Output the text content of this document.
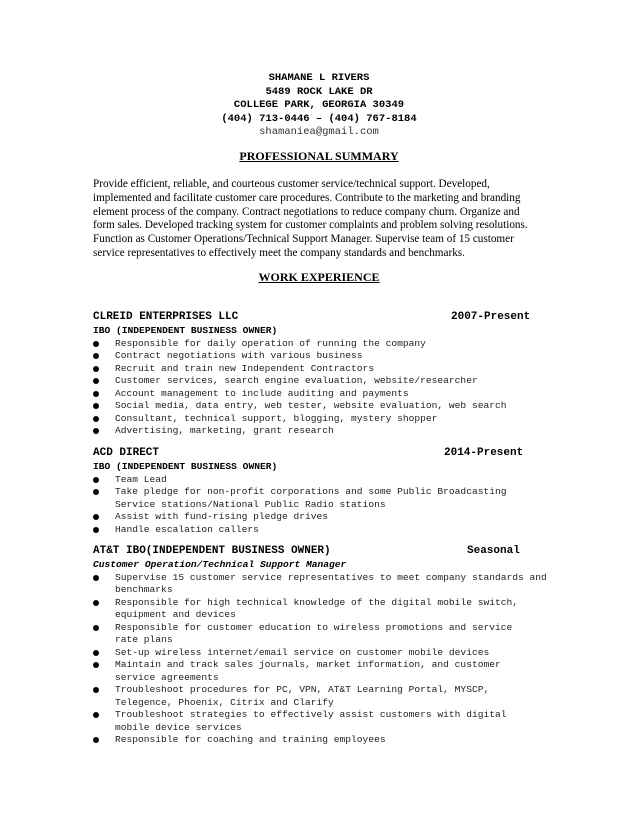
SHAMANE L RIVERS
5489 ROCK LAKE DR
COLLEGE PARK, GEORGIA 30349
(404) 713-0446 – (404) 767-8184
shamaniea@gmail.com
PROFESSIONAL SUMMARY
Provide efficient, reliable, and courteous customer service/technical support. Developed, implemented and facilitate customer care procedures. Contribute to the marketing and branding element process of the company. Contract negotiations to reduce company churn. Organize and form sales. Developed tracking system for customer complaints and problem solving resolutions. Function as Customer Operations/Technical Support Manager. Supervise team of 15 customer service representatives to effectively meet the company standards and benchmarks.
WORK EXPERIENCE
CLREID ENTERPRISES LLC	2007-Present
IBO (INDEPENDENT BUSINESS OWNER)
Responsible for daily operation of running the company
Contract negotiations with various business
Recruit and train new Independent Contractors
Customer services, search engine evaluation, website/researcher
Account management to include auditing and payments
Social media, data entry, web tester, website evaluation, web search
Consultant, technical support, blogging, mystery shopper
Advertising, marketing, grant research
ACD DIRECT	2014-Present
IBO (INDEPENDENT BUSINESS OWNER)
Team Lead
Take pledge for non-profit corporations and some Public Broadcasting
Service stations/National Public Radio stations
Assist with fund-rising pledge drives
Handle escalation callers
AT&T IBO(INDEPENDENT BUSINESS OWNER)	Seasonal
Customer Operation/Technical Support Manager
Supervise 15 customer service representatives to meet company standards and
benchmarks
Responsible for high technical knowledge of the digital mobile switch,
equipment and devices
Responsible for customer education to wireless promotions and service
rate plans
Set-up wireless internet/email service on customer mobile devices
Maintain and track sales journals, market information, and customer
service agreements
Troubleshoot procedures for PC, VPN, AT&T Learning Portal, MYSCP,
Telegence, Phoenix, Citrix and Clarify
Troubleshoot strategies to effectively assist customers with digital
mobile device services
Responsible for coaching and training employees
